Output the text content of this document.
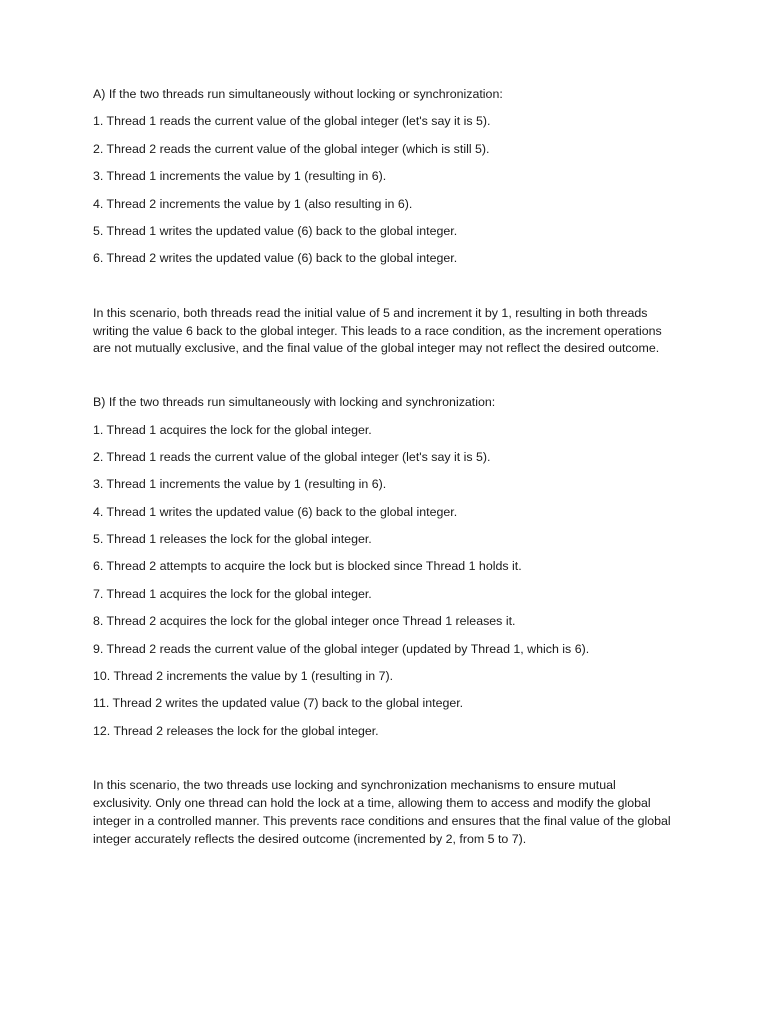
A) If the two threads run simultaneously without locking or synchronization:

1. Thread 1 reads the current value of the global integer (let's say it is 5).

2. Thread 2 reads the current value of the global integer (which is still 5).

3. Thread 1 increments the value by 1 (resulting in 6).

4. Thread 2 increments the value by 1 (also resulting in 6).

5. Thread 1 writes the updated value (6) back to the global integer.

6. Thread 2 writes the updated value (6) back to the global integer.

In this scenario, both threads read the initial value of 5 and increment it by 1, resulting in both threads writing the value 6 back to the global integer. This leads to a race condition, as the increment operations are not mutually exclusive, and the final value of the global integer may not reflect the desired outcome.

B) If the two threads run simultaneously with locking and synchronization:

1. Thread 1 acquires the lock for the global integer.

2. Thread 1 reads the current value of the global integer (let's say it is 5).

3. Thread 1 increments the value by 1 (resulting in 6).

4. Thread 1 writes the updated value (6) back to the global integer.

5. Thread 1 releases the lock for the global integer.

6. Thread 2 attempts to acquire the lock but is blocked since Thread 1 holds it.

7. Thread 1 acquires the lock for the global integer.

8. Thread 2 acquires the lock for the global integer once Thread 1 releases it.

9. Thread 2 reads the current value of the global integer (updated by Thread 1, which is 6).

10. Thread 2 increments the value by 1 (resulting in 7).

11. Thread 2 writes the updated value (7) back to the global integer.

12. Thread 2 releases the lock for the global integer.

In this scenario, the two threads use locking and synchronization mechanisms to ensure mutual exclusivity. Only one thread can hold the lock at a time, allowing them to access and modify the global integer in a controlled manner. This prevents race conditions and ensures that the final value of the global integer accurately reflects the desired outcome (incremented by 2, from 5 to 7).
